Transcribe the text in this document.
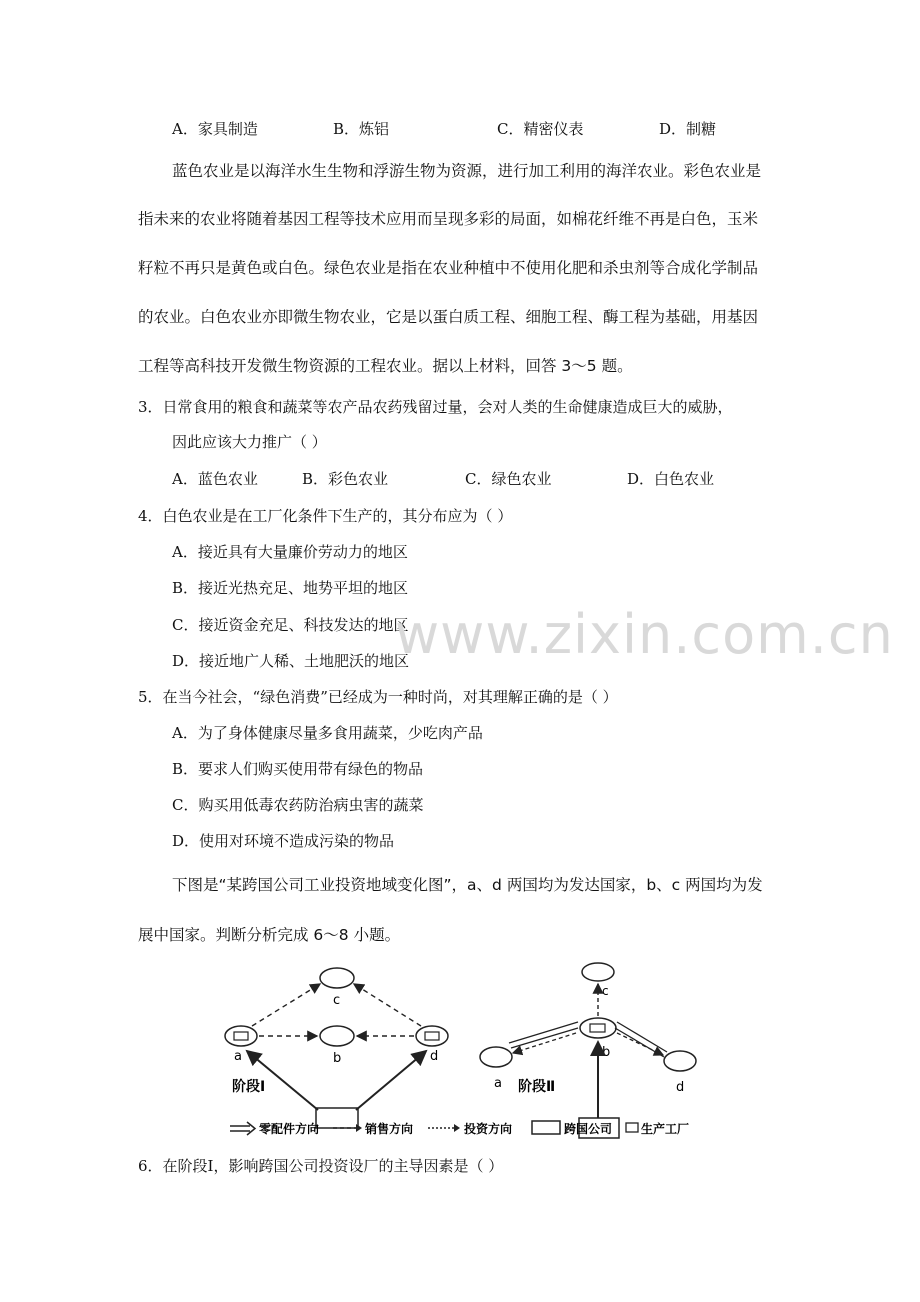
A．家具制造	B．炼铝	C．精密仪表	D．制糖
蓝色农业是以海洋水生生物和浮游生物为资源，进行加工利用的海洋农业。彩色农业是
指未来的农业将随着基因工程等技术应用而呈现多彩的局面，如棉花纤维不再是白色，玉米
籽粒不再只是黄色或白色。绿色农业是指在农业种植中不使用化肥和杀虫剂等合成化学制品
的农业。白色农业亦即微生物农业，它是以蛋白质工程、细胞工程、酶工程为基础，用基因
工程等高科技开发微生物资源的工程农业。据以上材料，回答 3～5 题。
3．日常食用的粮食和蔬菜等农产品农药残留过量，会对人类的生命健康造成巨大的威胁，
因此应该大力推广（ ）
A．蓝色农业	B．彩色农业	C．绿色农业	D．白色农业
4．白色农业是在工厂化条件下生产的，其分布应为（ ）
A．接近具有大量廉价劳动力的地区
B．接近光热充足、地势平坦的地区
C．接近资金充足、科技发达的地区
D．接近地广人稀、土地肥沃的地区
www.zixin.com.cn
5．在当今社会，“绿色消费”已经成为一种时尚，对其理解正确的是（ ）
A．为了身体健康尽量多食用蔬菜，少吃肉产品
B．要求人们购买使用带有绿色的物品
C．购买用低毒农药防治病虫害的蔬菜
D．使用对环境不造成污染的物品
下图是“某跨国公司工业投资地域变化图”，a、d 两国均为发达国家，b、c 两国均为发
展中国家。判断分析完成 6～8 小题。
c
a	b	d
阶段Ⅰ
c
b
a	d
阶段Ⅱ
零配件方向	销售方向	投资方向	跨国公司 生产工厂
6．在阶段Ⅰ，影响跨国公司投资设厂的主导因素是（ ）
